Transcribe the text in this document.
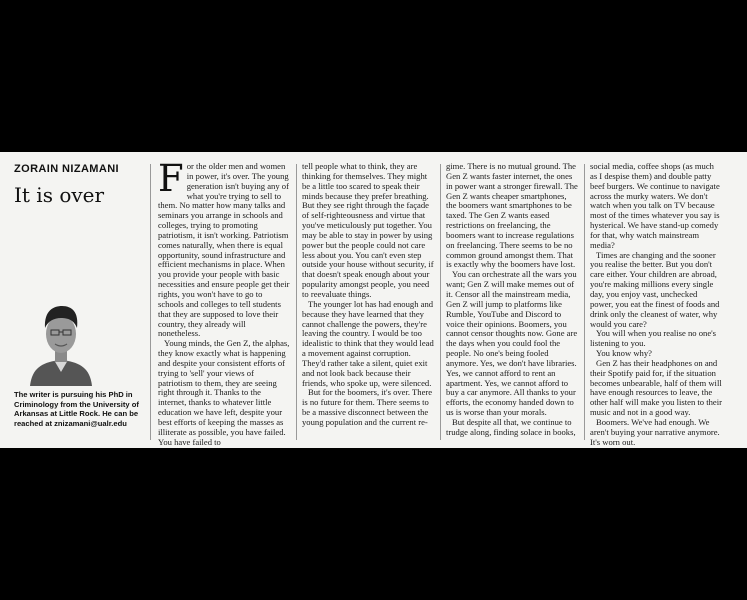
ZORAIN NIZAMANI
It is over
The writer is pursuing his PhD in Criminology from the University of Arkansas at Little Rock. He can be reached at znizamani@ualr.edu

For the older men and women in power, it's over. The young generation isn't buying any of what you're trying to sell to them. No matter how many talks and seminars you arrange in schools and colleges, trying to promoting patriotism, it isn't working. Patriotism comes naturally, when there is equal opportunity, sound infrastructure and efficient mechanisms in place. When you provide your people with basic necessities and ensure people get their rights, you won't have to go to schools and colleges to tell students that they are supposed to love their country, they already will nonetheless.

Young minds, the Gen Z, the alphas, they know exactly what is happening and despite your consistent efforts of trying to 'sell' your views of patriotism to them, they are seeing right through it. Thanks to the internet, thanks to whatever little education we have left, despite your best efforts of keeping the masses as illiterate as possible, you have failed. You have failed to

tell people what to think, they are thinking for themselves. They might be a little too scared to speak their minds because they prefer breathing. But they see right through the façade of self-righteousness and virtue that you've meticulously put together. You may be able to stay in power by using power but the people could not care less about you. You can't even step outside your house without security, if that doesn't speak enough about your popularity amongst people, you need to reevaluate things.

The younger lot has had enough and because they have learned that they cannot challenge the powers, they're leaving the country. I would be too idealistic to think that they would lead a movement against corruption. They'd rather take a silent, quiet exit and not look back because their friends, who spoke up, were silenced.

But for the boomers, it's over. There is no future for them. There seems to be a massive disconnect between the young population and the current re-

gime. There is no mutual ground. The Gen Z wants faster internet, the ones in power want a stronger firewall. The Gen Z wants cheaper smartphones, the boomers want smartphones to be taxed. The Gen Z wants eased restrictions on freelancing, the boomers want to increase regulations on freelancing. There seems to be no common ground amongst them. That is exactly why the boomers have lost.

You can orchestrate all the wars you want; Gen Z will make memes out of it. Censor all the mainstream media, Gen Z will jump to platforms like Rumble, YouTube and Discord to voice their opinions. Boomers, you cannot censor thoughts now. Gone are the days when you could fool the people. No one's being fooled anymore. Yes, we don't have libraries. Yes, we cannot afford to rent an apartment. Yes, we cannot afford to buy a car anymore. All thanks to your efforts, the economy handed down to us is worse than your morals.

But despite all that, we continue to trudge along, finding solace in books,

social media, coffee shops (as much as I despise them) and double patty beef burgers. We continue to navigate across the murky waters. We don't watch when you talk on TV because most of the times whatever you say is hysterical. We have stand-up comedy for that, why watch mainstream media?

Times are changing and the sooner you realise the better. But you don't care either. Your children are abroad, you're making millions every single day, you enjoy vast, unchecked power, you eat the finest of foods and drink only the cleanest of water, why would you care?

You will when you realise no one's listening to you.

You know why?

Gen Z has their headphones on and their Spotify paid for, if the situation becomes unbearable, half of them will have enough resources to leave, the other half will make you listen to their music and not in a good way.

Boomers. We've had enough. We aren't buying your narrative anymore. It's worn out.
